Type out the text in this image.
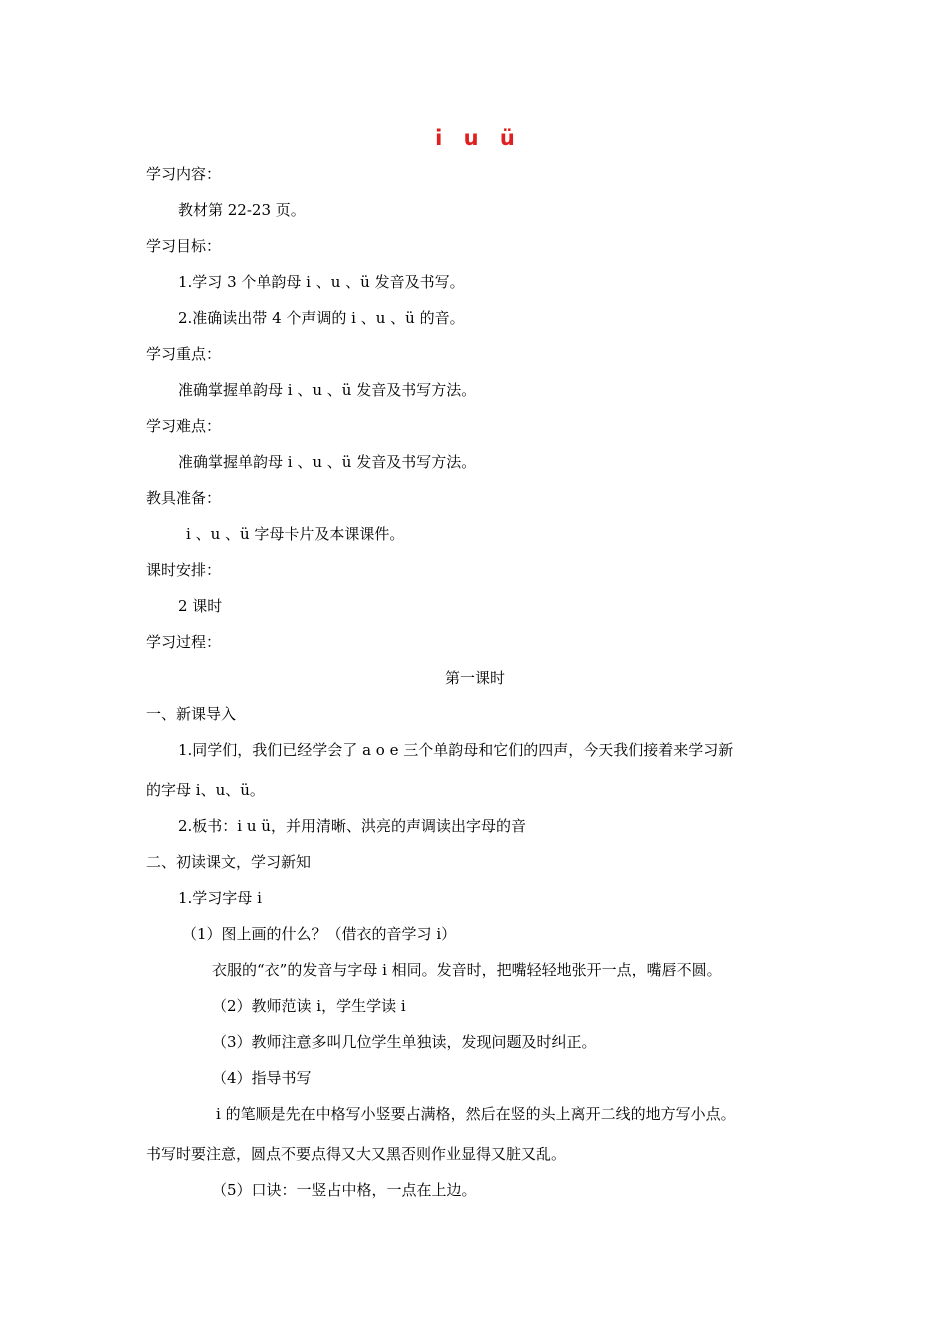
i u ü
学习内容：
教材第 22-23 页。
学习目标：
1.学习 3 个单韵母 i 、u 、ü 发音及书写。
2.准确读出带 4 个声调的 i 、u 、ü 的音。
学习重点：
准确掌握单韵母 i 、u 、ü 发音及书写方法。
学习难点：
准确掌握单韵母 i 、u 、ü 发音及书写方法。
教具准备：
i 、u 、ü 字母卡片及本课课件。
课时安排：
2 课时
学习过程：
第一课时
一、新课导入
1.同学们，我们已经学会了 a o e 三个单韵母和它们的四声，今天我们接着来学习新
的字母 i、u、ü。
2.板书：i u ü，并用清晰、洪亮的声调读出字母的音
二、初读课文，学习新知
1.学习字母 i
（1）图上画的什么？（借衣的音学习 i）
衣服的“衣”的发音与字母 i 相同。发音时，把嘴轻轻地张开一点，嘴唇不圆。
（2）教师范读 i，学生学读 i
（3）教师注意多叫几位学生单独读，发现问题及时纠正。
（4）指导书写
i 的笔顺是先在中格写小竖要占满格，然后在竖的头上离开二线的地方写小点。
书写时要注意，圆点不要点得又大又黑否则作业显得又脏又乱。
（5）口诀：一竖占中格，一点在上边。
